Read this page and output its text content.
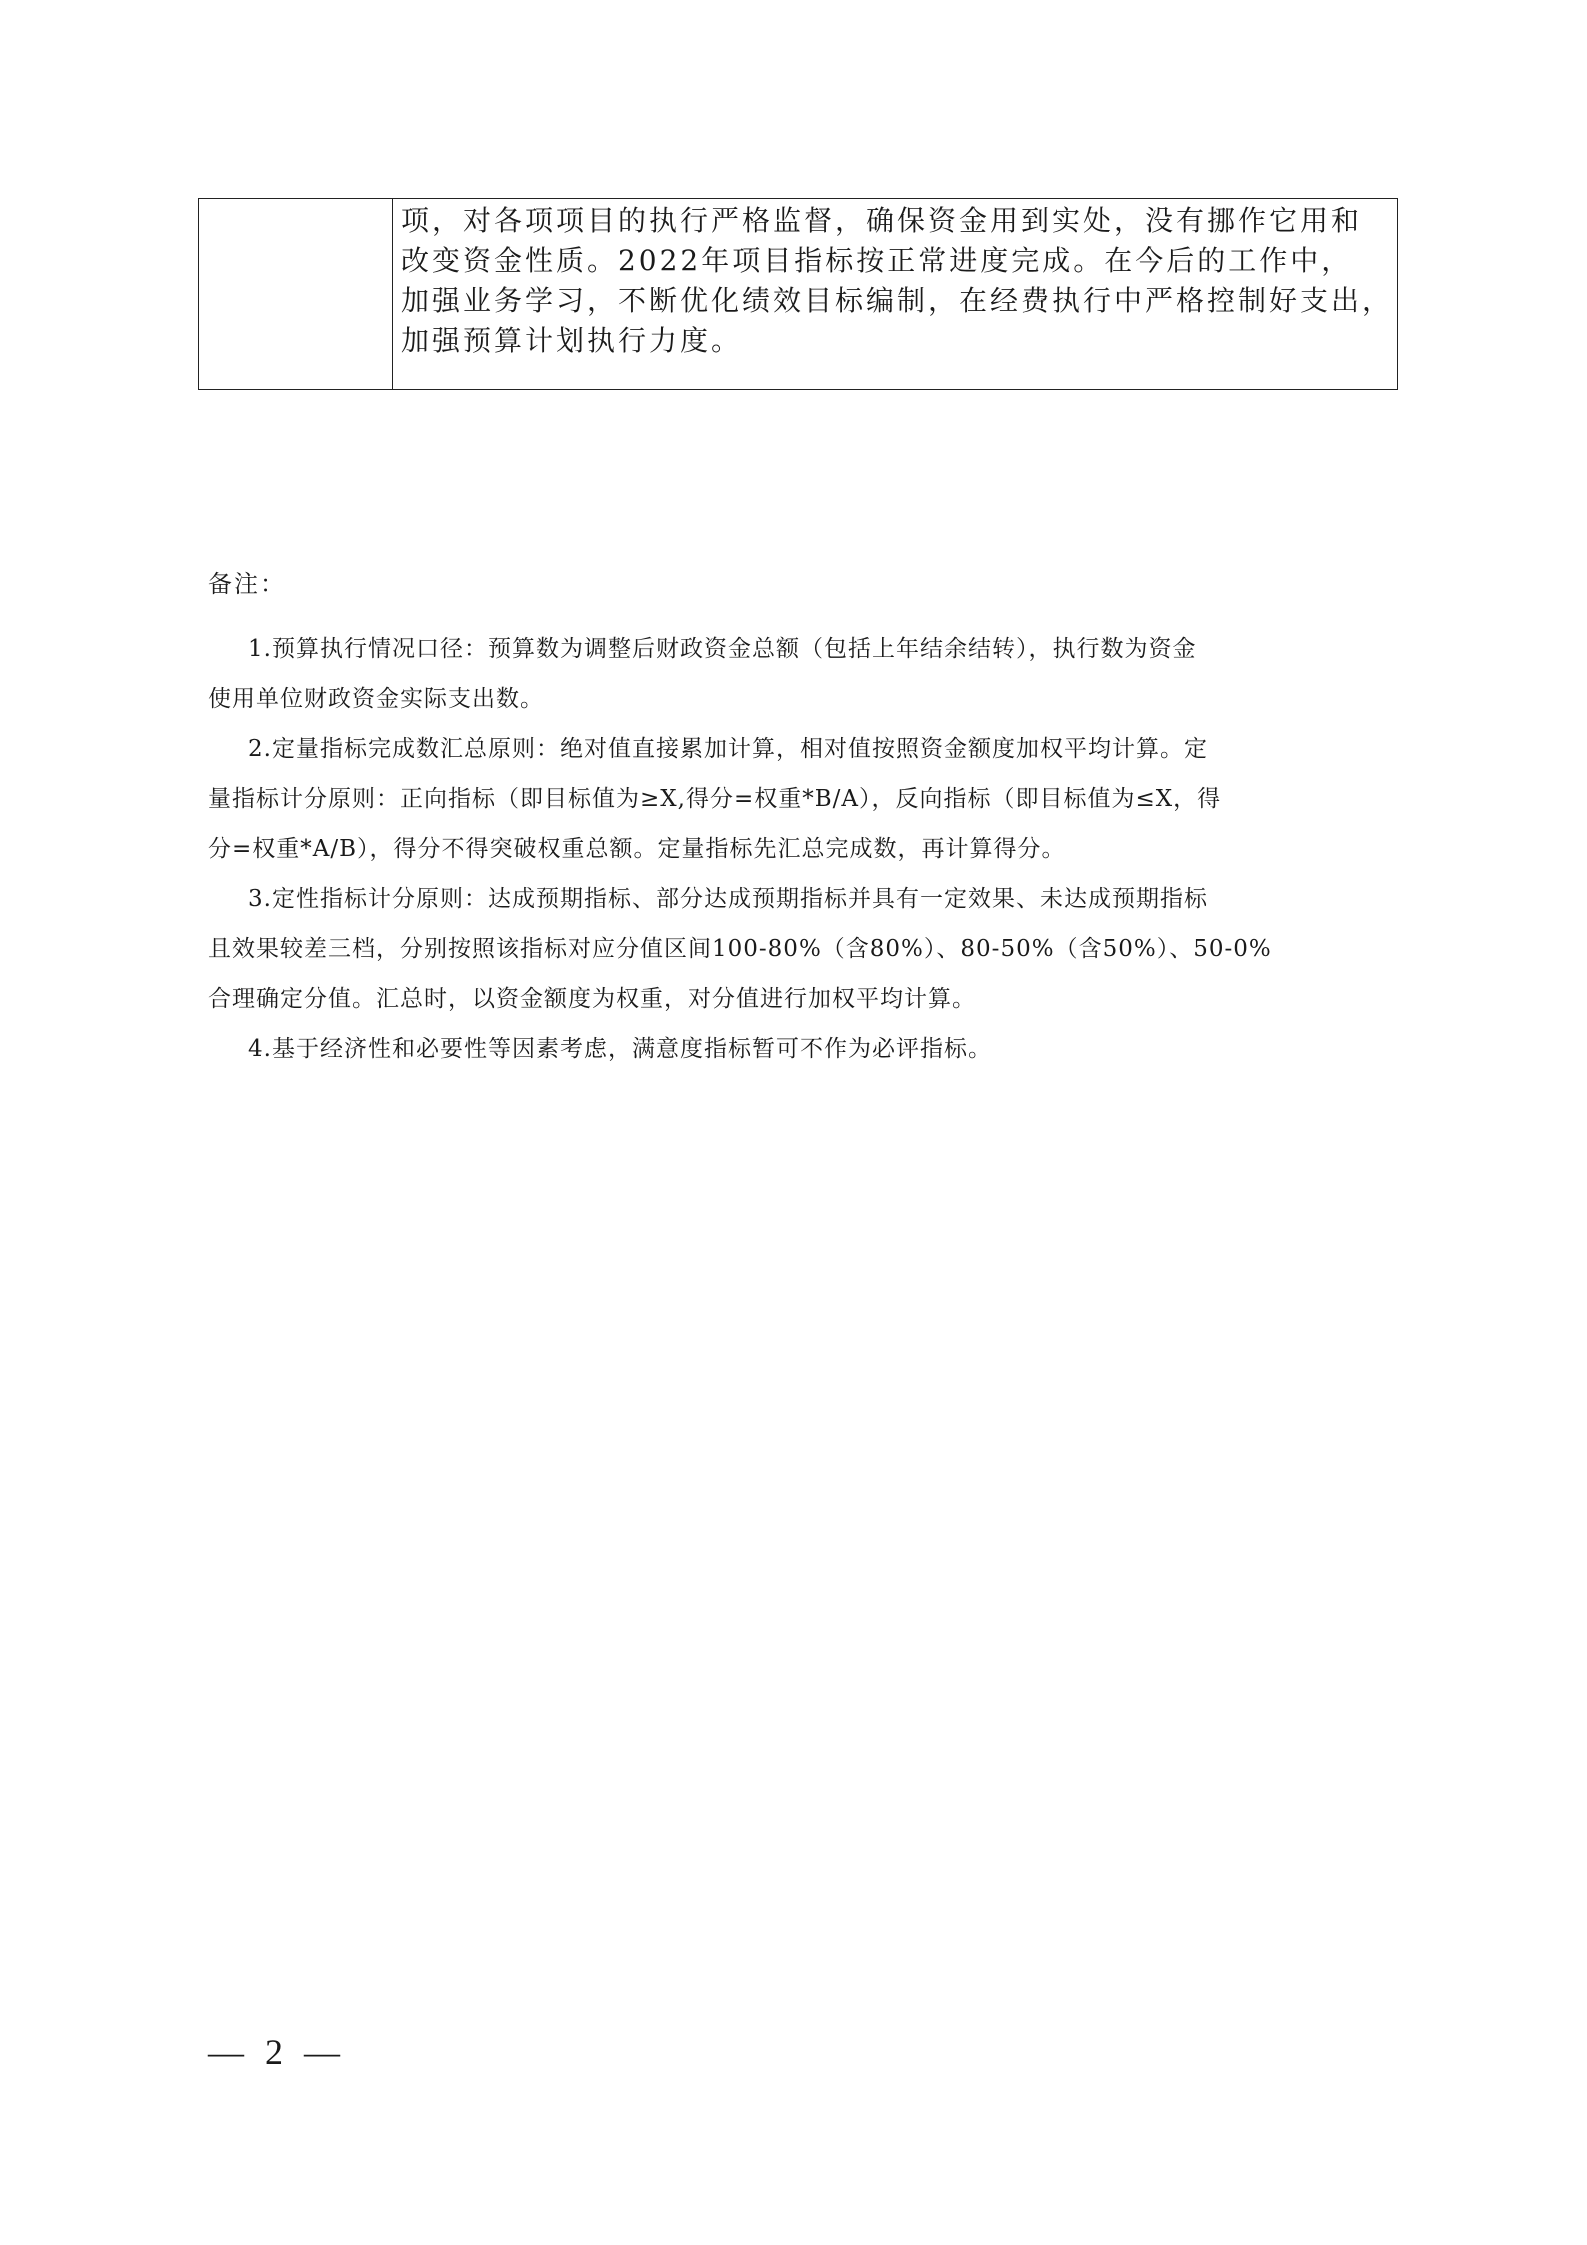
项，对各项项目的执行严格监督，确保资金用到实处，没有挪作它用和
改变资金性质。2022年项目指标按正常进度完成。在今后的工作中，
加强业务学习，不断优化绩效目标编制，在经费执行中严格控制好支出，
加强预算计划执行力度。
备注：
1.预算执行情况口径：预算数为调整后财政资金总额（包括上年结余结转），执行数为资金
使用单位财政资金实际支出数。
2.定量指标完成数汇总原则：绝对值直接累加计算，相对值按照资金额度加权平均计算。定
量指标计分原则：正向指标（即目标值为≥X,得分=权重*B/A），反向指标（即目标值为≤X，得
分=权重*A/B），得分不得突破权重总额。定量指标先汇总完成数，再计算得分。
3.定性指标计分原则：达成预期指标、部分达成预期指标并具有一定效果、未达成预期指标
且效果较差三档，分别按照该指标对应分值区间100-80%（含80%）、80-50%（含50%）、50-0%
合理确定分值。汇总时，以资金额度为权重，对分值进行加权平均计算。
4.基于经济性和必要性等因素考虑，满意度指标暂可不作为必评指标。
— 2 —
